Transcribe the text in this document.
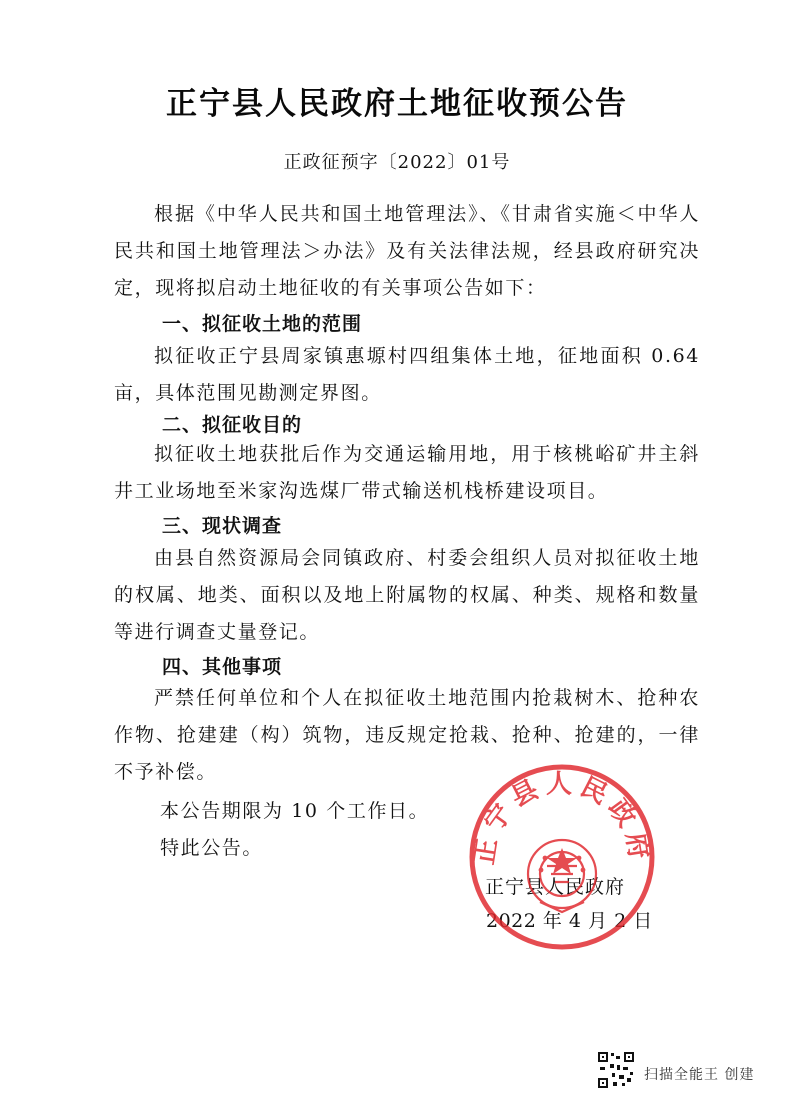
正宁县人民政府土地征收预公告
正政征预字〔2022〕01号

根据《中华人民共和国土地管理法》、《甘肃省实施＜中华人民共和国土地管理法＞办法》及有关法律法规，经县政府研究决定，现将拟启动土地征收的有关事项公告如下：

一、拟征收土地的范围

拟征收正宁县周家镇惠塬村四组集体土地，征地面积 0.64亩，具体范围见勘测定界图。

二、拟征收目的

拟征收土地获批后作为交通运输用地，用于核桃峪矿井主斜井工业场地至米家沟选煤厂带式输送机栈桥建设项目。

三、现状调查

由县自然资源局会同镇政府、村委会组织人员对拟征收土地的权属、地类、面积以及地上附属物的权属、种类、规格和数量等进行调查丈量登记。

四、其他事项

严禁任何单位和个人在拟征收土地范围内抢栽树木、抢种农作物、抢建建（构）筑物，违反规定抢栽、抢种、抢建的，一律不予补偿。

本公告期限为 10 个工作日。
特此公告。
正宁县人民政府
2022 年 4 月 2 日
正宁县人民政府
扫描全能王 创建
